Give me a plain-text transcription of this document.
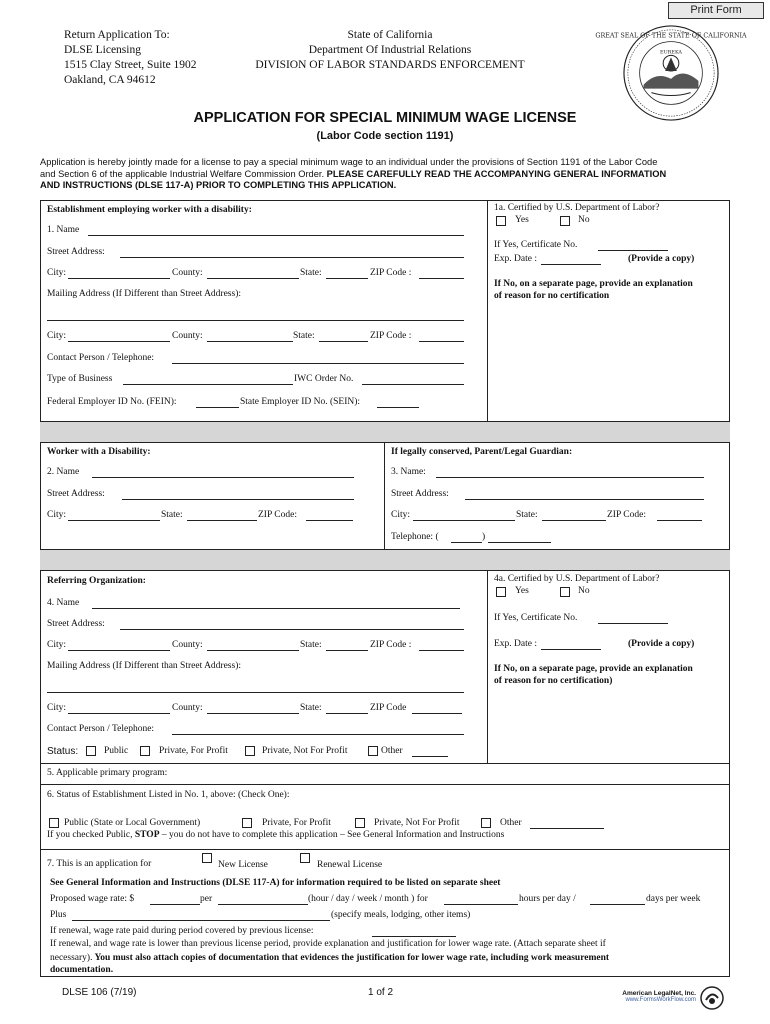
Print Form
Return Application To:
DLSE Licensing
1515 Clay Street, Suite 1902
Oakland, CA 94612
State of California
Department Of Industrial Relations
DIVISION OF LABOR STANDARDS ENFORCEMENT
GREAT SEAL OF THE STATE OF CALIFORNIA
EUREKA
APPLICATION FOR SPECIAL MINIMUM WAGE LICENSE
(Labor Code section 1191)
Application is hereby jointly made for a license to pay a special minimum wage to an individual under the provisions of Section 1191 of the Labor Code
and Section 6 of the applicable Industrial Welfare Commission Order. PLEASE CAREFULLY READ THE ACCOMPANYING GENERAL INFORMATION
AND INSTRUCTIONS (DLSE 117-A) PRIOR TO COMPLETING THIS APPLICATION.
Establishment employing worker with a disability:
1. Name
Street Address:
City:	County:	State:	ZIP Code :
Mailing Address (If Different than Street Address):
City:	County:	State:	ZIP Code :
Contact Person / Telephone:
Type of Business	IWC Order No.
Federal Employer ID No. (FEIN):	State Employer ID No. (SEIN):
1a. Certified by U.S. Department of Labor?
Yes	No
If Yes, Certificate No.
Exp. Date :	(Provide a copy)
If No, on a separate page, provide an explanation
of reason for no certification
Worker with a Disability:
2. Name
Street Address:
City:	State:	ZIP Code:
If legally conserved, Parent/Legal Guardian:
3. Name:
Street Address:
City:	State:	ZIP Code:
Telephone: (	)
Referring Organization:
4. Name
Street Address:
City:	County:	State:	ZIP Code :
Mailing Address (If Different than Street Address):
City:	County:	State:	ZIP Code
Contact Person / Telephone:
Status:	Public	Private, For Profit	Private, Not For Profit	Other
4a. Certified by U.S. Department of Labor?
Yes	No
If Yes, Certificate No.
Exp. Date :	(Provide a copy)
If No, on a separate page, provide an explanation
of reason for no certification)
5. Applicable primary program:
6. Status of Establishment Listed in No. 1, above: (Check One):
Public (State or Local Government)	Private, For Profit	Private, Not For Profit	Other
If you checked Public, STOP – you do not have to complete this application – See General Information and Instructions
7. This is an application for	New License	Renewal License
See General Information and Instructions (DLSE 117-A) for information required to be listed on separate sheet
Proposed wage rate: $	per	(hour / day / week / month ) for	hours per day /	days per week
Plus	(specify meals, lodging, other items)
If renewal, wage rate paid during period covered by previous license:
If renewal, and wage rate is lower than previous license period, provide explanation and justification for lower wage rate. (Attach separate sheet if
necessary). You must also attach copies of documentation that evidences the justification for lower wage rate, including work measurement
documentation.
DLSE 106 (7/19)	1 of 2	American LegalNet, Inc.
www.FormsWorkFlow.com
